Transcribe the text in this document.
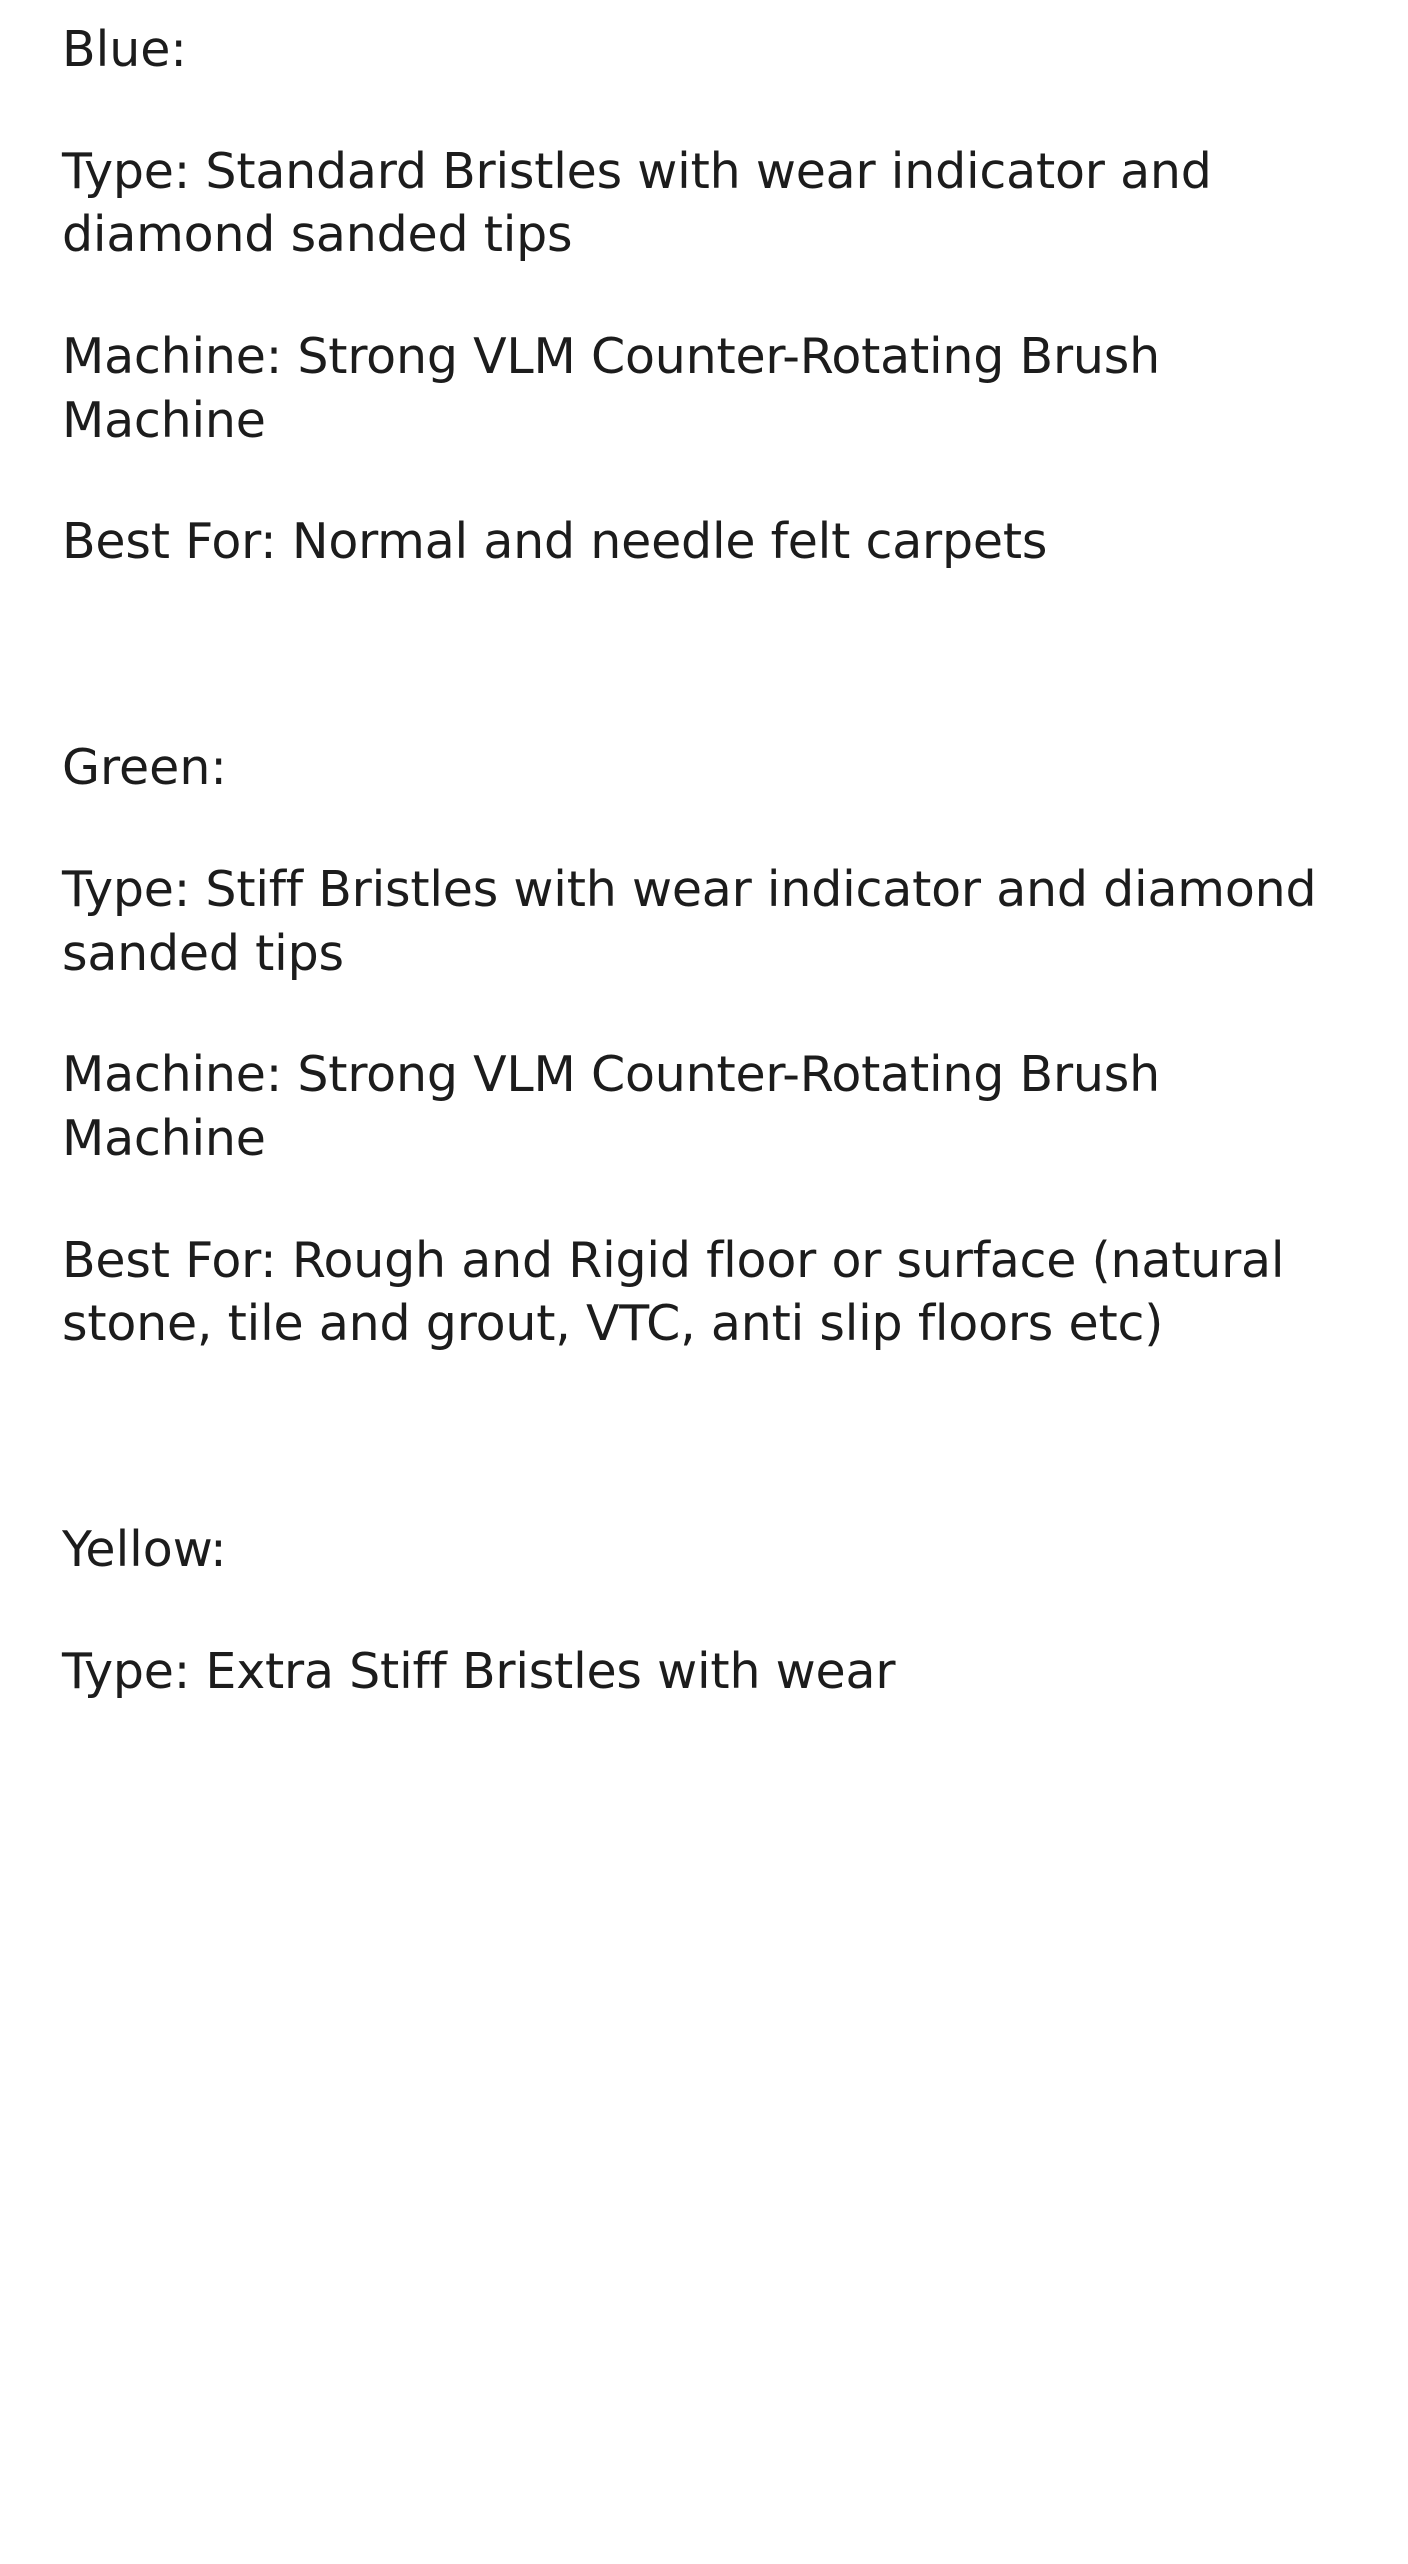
Blue:

Type: Standard Bristles with wear indicator and diamond sanded tips

Machine: Strong VLM Counter-Rotating Brush Machine

Best For: Normal and needle felt carpets

Green:

Type: Stiff Bristles with wear indicator and diamond sanded tips

Machine: Strong VLM Counter-Rotating Brush Machine

Best For: Rough and Rigid floor or surface (natural stone, tile and grout, VTC, anti slip floors etc)

Yellow:

Type: Extra Stiff Bristles with wear
